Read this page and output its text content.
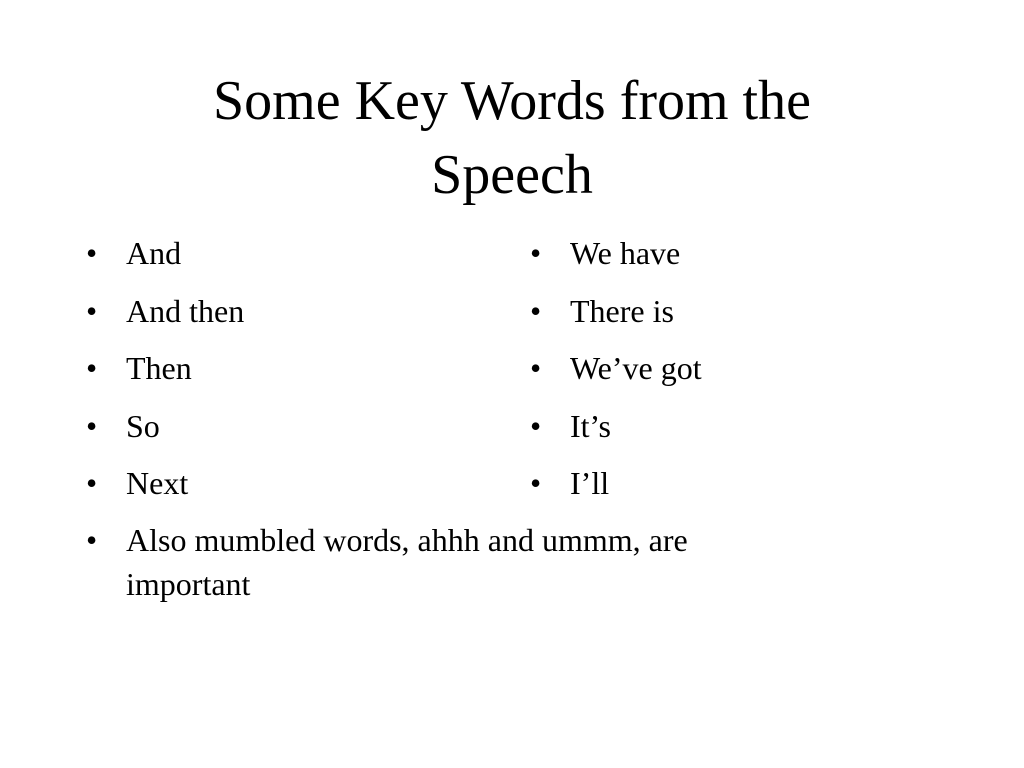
Some Key Words from the
Speech
• And
• And then
• Then
• So
• Next
• We have
• There is
• We’ve got
• It’s
• I’ll
• Also mumbled words, ahhh and ummm, are important
